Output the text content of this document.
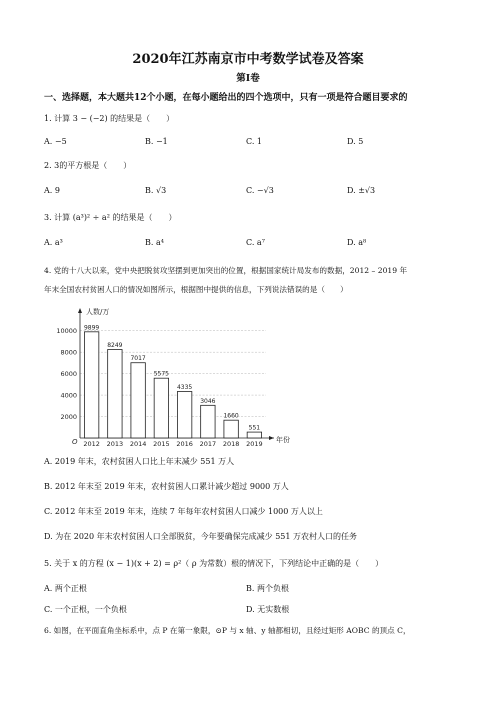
2020年江苏南京市中考数学试卷及答案
第I卷
一、选择题，本大题共12个小题，在每小题给出的四个选项中，只有一项是符合题目要求的
1. 计算 3 − (−2) 的结果是（　　）
A. −5	B. −1	C. 1	D. 5
2. 3的平方根是（　　）
A. 9	B. √3	C. −√3	D. ±√3
3. 计算 (a³)² ÷ a² 的结果是（　　）
A. a³	B. a⁴	C. a⁷	D. a⁸
4. 党的十八大以来，党中央把脱贫攻坚摆到更加突出的位置，根据国家统计局发布的数据，2012 – 2019 年
年末全国农村贫困人口的情况如图所示，根据图中提供的信息，下列说法错误的是（　　）
2000
4000
6000
8000
10000
人数/万
年份
O
9899
2012
8249
2013
7017
2014
5575
2015
4335
2016
3046
2017
1660
2018
551
2019
A. 2019 年末，农村贫困人口比上年末减少 551 万人
B. 2012 年末至 2019 年末，农村贫困人口累计减少超过 9000 万人
C. 2012 年末至 2019 年末，连续 7 年每年农村贫困人口减少 1000 万人以上
D. 为在 2020 年末农村贫困人口全部脱贫，今年要确保完成减少 551 万农村人口的任务
5. 关于 x 的方程 (x − 1)(x + 2) = ρ²（ ρ 为常数）根的情况下，下列结论中正确的是（　　）
A. 两个正根	B. 两个负根
C. 一个正根，一个负根	D. 无实数根
6. 如图，在平面直角坐标系中，点 P 在第一象限，⊙P 与 x 轴、y 轴都相切，且经过矩形 AOBC 的顶点 C，
